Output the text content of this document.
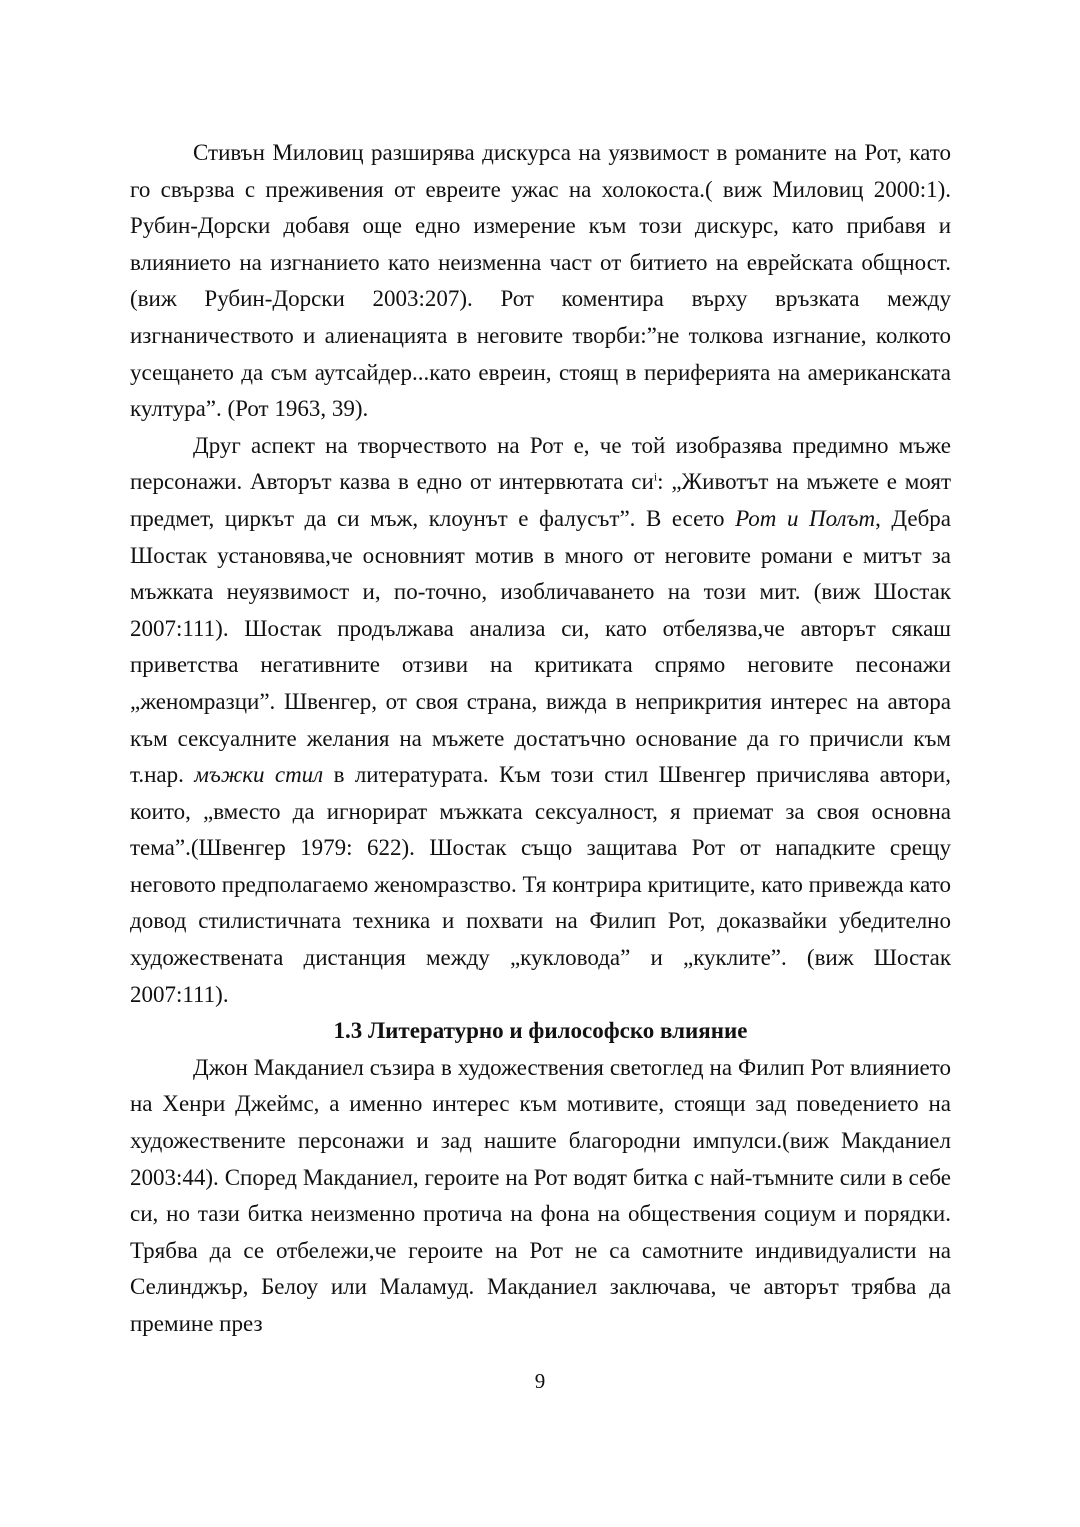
Стивън Миловиц разширява дискурса на уязвимост в романите на Рот, като го свързва с преживения от евреите ужас на холокоста.( виж Миловиц 2000:1). Рубин-Дорски добавя още едно измерение към този дискурс, като прибавя и влиянието на изгнанието като неизменна част от битието на еврейската общност. (виж Рубин-Дорски 2003:207). Рот коментира върху връзката между изгнаничеството и алиенацията в неговите творби:”не толкова изгнание, колкото усещането да съм аутсайдер...като евреин, стоящ в периферията на американската култура”. (Рот 1963, 39).

Друг аспект на творчеството на Рот е, че той изобразява предимно мъже персонажи. Авторът казва в едно от интервютата $си^i$: „Животът на мъжете е моят предмет, циркът да си мъж, клоунът е фалусът”. В есето Рот и Полът, Дебра Шостак установява,че основният мотив в много от неговите романи е митът за мъжката неуязвимост и, по-точно, изобличаването на този мит. (виж Шостак 2007:111). Шостак продължава анализа си, като отбелязва,че авторът сякаш приветства негативните отзиви на критиката спрямо неговите песонажи „женомразци”. Швенгер, от своя страна, вижда в неприкрития интерес на автора към сексуалните желания на мъжете достатъчно основание да го причисли към т.нар. мъжки стил в литературата. Към този стил Швенгер причислява автори, които, „вместо да игнорират мъжката сексуалност, я приемат за своя основна тема”.(Швенгер 1979: 622). Шостак също защитава Рот от нападките срещу неговото предполагаемо женомразство. Тя контрира критиците, като привежда като довод стилистичната техника и похвати на Филип Рот, доказвайки убедително художествената дистанция между „кукловода” и „куклите”. (виж Шостак 2007:111).

1.3 Литературно и философско влияние

Джон Макданиел съзира в художествения светоглед на Филип Рот влиянието на Хенри Джеймс, а именно интерес към мотивите, стоящи зад поведението на художествените персонажи и зад нашите благородни импулси.(виж Макданиел 2003:44). Според Макданиел, героите на Рот водят битка с най-тъмните сили в себе си, но тази битка неизменно протича на фона на обществения социум и порядки. Трябва да се отбележи,че героите на Рот не са самотните индивидуалисти на Селинджър, Белоу или Маламуд. Макданиел заключава, че авторът трябва да премине през

9
